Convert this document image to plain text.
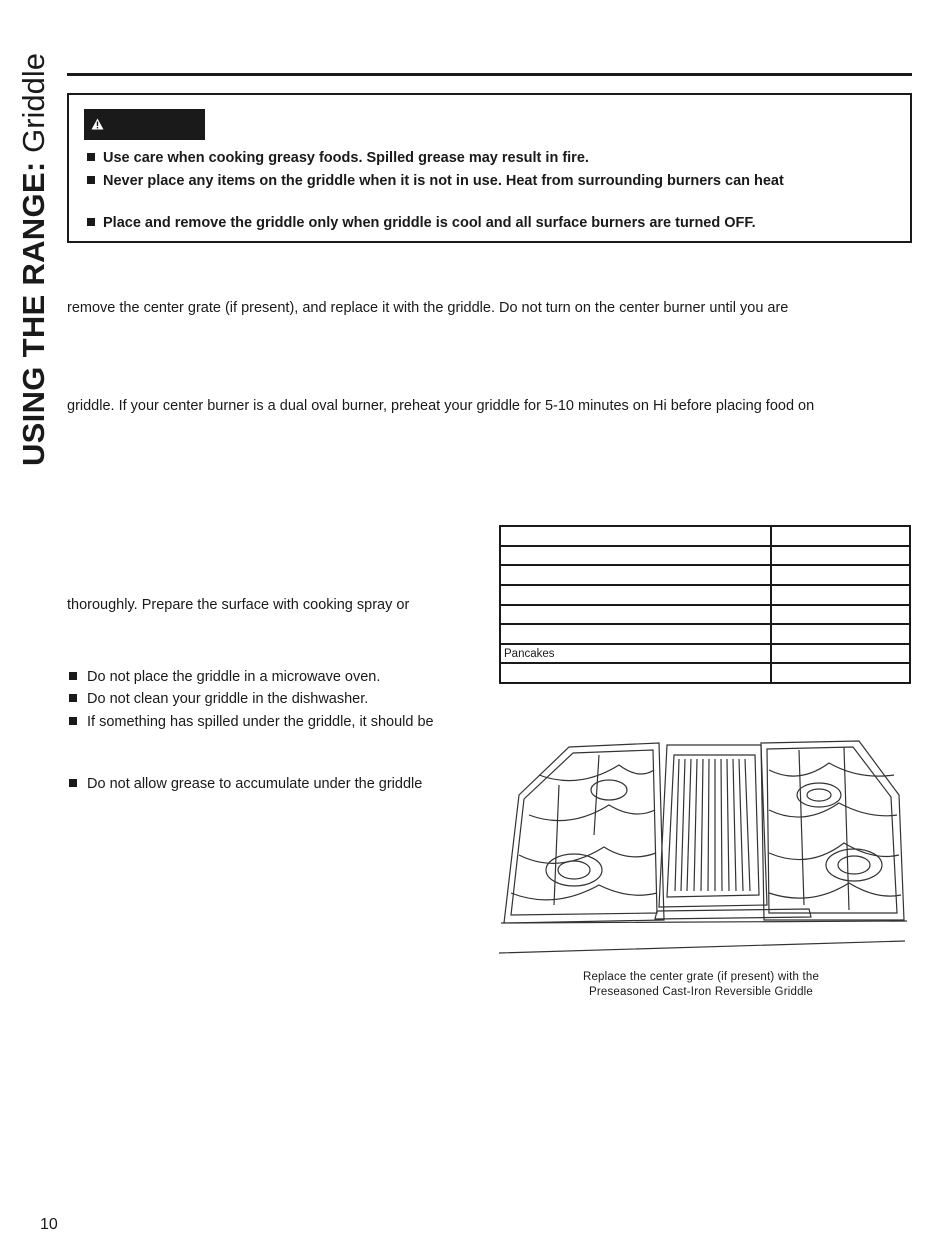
USING THE RANGE: Griddle	Use care when cooking greasy foods. Spilled grease may result in fire.
Never place any items on the griddle when it is not in use. Heat from surrounding burners can heat
Place and remove the griddle only when griddle is cool and all surface burners are turned OFF.
remove the center grate (if present), and replace it with the griddle. Do not turn on the center burner until you are
griddle. If your center burner is a dual oval burner, preheat your griddle for 5-10 minutes on Hi before placing food on
thoroughly. Prepare the surface with cooking spray or
Do not place the griddle in a microwave oven.
Do not clean your griddle in the dishwasher.
If something has spilled under the griddle, it should be
Do not allow grease to accumulate under the griddle

Pancakes	

Replace the center grate (if present) with the
Preseasoned Cast-Iron Reversible Griddle
10
